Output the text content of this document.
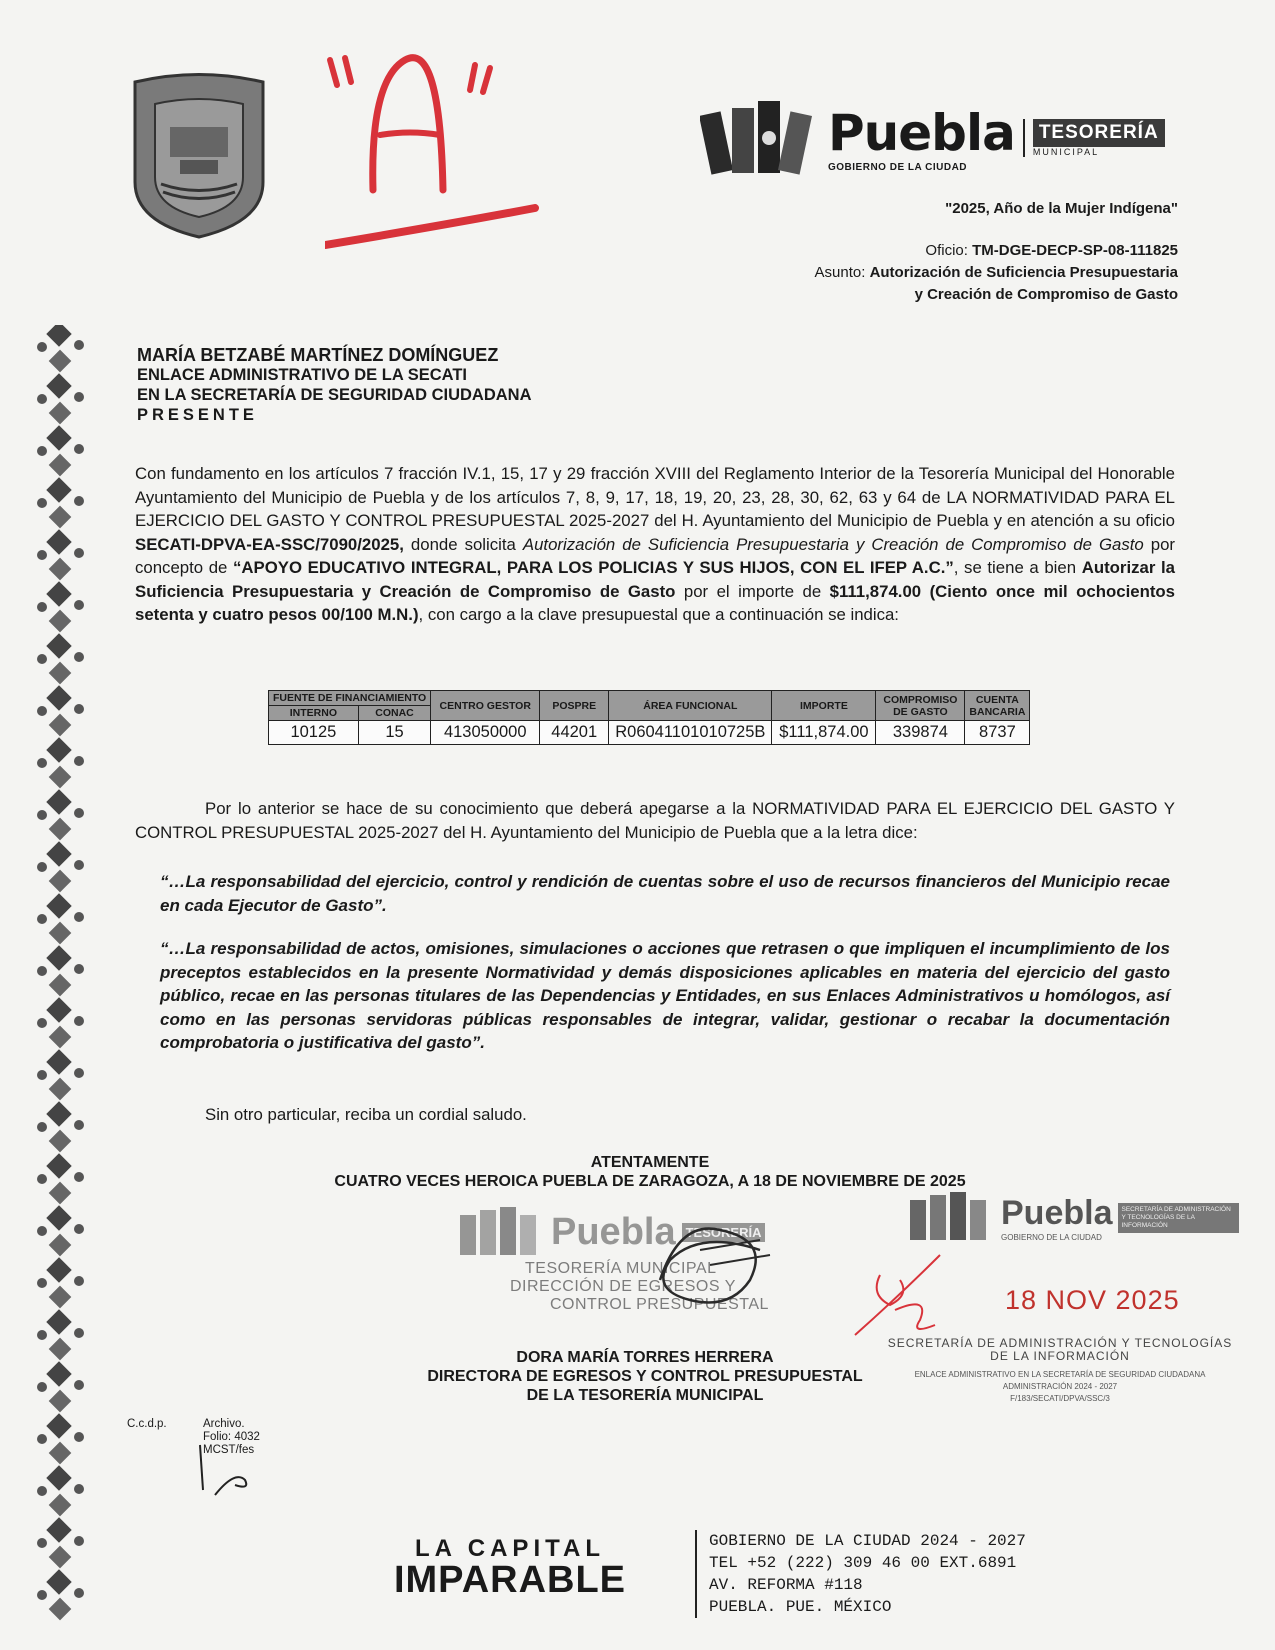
Puebla
GOBIERNO DE LA CIUDAD
TESORERÍA
MUNICIPAL
"2025, Año de la Mujer Indígena"
Oficio: TM-DGE-DECP-SP-08-111825
Asunto: Autorización de Suficiencia Presupuestaria
y Creación de Compromiso de Gasto
MARÍA BETZABÉ MARTÍNEZ DOMÍNGUEZ
ENLACE ADMINISTRATIVO DE LA SECATI
EN LA SECRETARÍA DE SEGURIDAD CIUDADANA
PRESENTE
Con fundamento en los artículos 7 fracción IV.1, 15, 17 y 29 fracción XVIII del Reglamento Interior de la Tesorería Municipal del Honorable Ayuntamiento del Municipio de Puebla y de los artículos 7, 8, 9, 17, 18, 19, 20, 23, 28, 30, 62, 63 y 64 de LA NORMATIVIDAD PARA EL EJERCICIO DEL GASTO Y CONTROL PRESUPUESTAL 2025-2027 del H. Ayuntamiento del Municipio de Puebla y en atención a su oficio SECATI-DPVA-EA-SSC/7090/2025, donde solicita Autorización de Suficiencia Presupuestaria y Creación de Compromiso de Gasto por concepto de “APOYO EDUCATIVO INTEGRAL, PARA LOS POLICIAS Y SUS HIJOS, CON EL IFEP A.C.”, se tiene a bien Autorizar la Suficiencia Presupuestaria y Creación de Compromiso de Gasto por el importe de $111,874.00 (Ciento once mil ochocientos setenta y cuatro pesos 00/100 M.N.), con cargo a la clave presupuestal que a continuación se indica:
FUENTE DE FINANCIAMIENTO		CENTRO GESTOR	POSPRE	ÁREA FUNCIONAL	IMPORTE	COMPROMISO DE GASTO	CUENTA BANCARIA
INTERNO	CONAC						
10125	15	413050000	44201	R06041101010725B	$111,874.00	339874	8737
Por lo anterior se hace de su conocimiento que deberá apegarse a la NORMATIVIDAD PARA EL EJERCICIO DEL GASTO Y CONTROL PRESUPUESTAL 2025-2027 del H. Ayuntamiento del Municipio de Puebla que a la letra dice:
“…La responsabilidad del ejercicio, control y rendición de cuentas sobre el uso de recursos financieros del Municipio recae en cada Ejecutor de Gasto”.
“…La responsabilidad de actos, omisiones, simulaciones o acciones que retrasen o que impliquen el incumplimiento de los preceptos establecidos en la presente Normatividad y demás disposiciones aplicables en materia del ejercicio del gasto público, recae en las personas titulares de las Dependencias y Entidades, en sus Enlaces Administrativos u homólogos, así como en las personas servidoras públicas responsables de integrar, validar, gestionar o recabar la documentación comprobatoria o justificativa del gasto”.
Sin otro particular, reciba un cordial saludo.
ATENTAMENTE
CUATRO VECES HEROICA PUEBLA DE ZARAGOZA, A 18 DE NOVIEMBRE DE 2025
Puebla TESORERÍA
TESORERÍA MUNICIPAL
DIRECCIÓN DE EGRESOS Y
CONTROL PRESUPUESTAL
DORA MARÍA TORRES HERRERA
DIRECTORA DE EGRESOS Y CONTROL PRESUPUESTAL
DE LA TESORERÍA MUNICIPAL
Puebla
GOBIERNO DE LA CIUDAD
SECRETARÍA DE ADMINISTRACIÓN Y TECNOLOGÍAS DE LA INFORMACIÓN
SECRETARÍA DE ADMINISTRACIÓN Y TECNOLOGÍAS
DE LA INFORMACIÓN
ENLACE ADMINISTRATIVO EN LA SECRETARÍA DE SEGURIDAD CIUDADANA
ADMINISTRACIÓN 2024 - 2027
F/183/SECATI/DPVA/SSC/3
18 NOV 2025
C.c.d.p.	Archivo.
Folio: 4032
MCST/fes
LA CAPITAL
IMPARABLE
GOBIERNO DE LA CIUDAD 2024 - 2027
TEL +52 (222) 309 46 00 EXT.6891
AV. REFORMA #118
PUEBLA. PUE. MÉXICO
